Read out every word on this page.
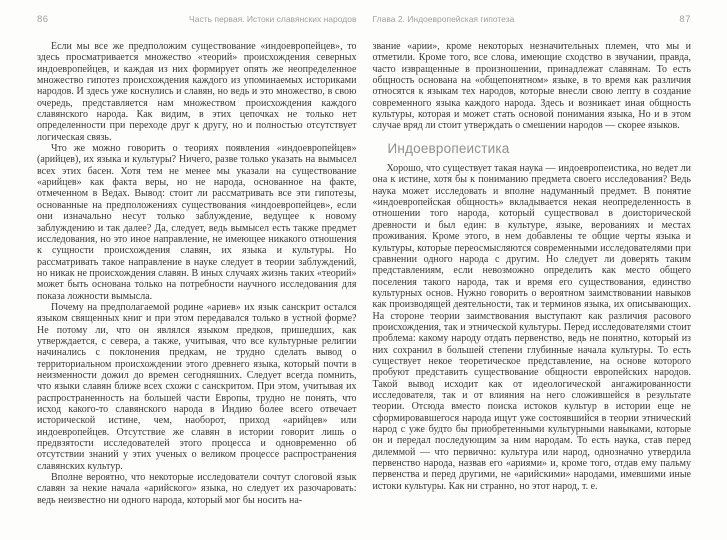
86	Часть первая. Истоки славянских народов

Если мы все же предположим существование «индоевропейцев», то здесь просматривается множество «теорий» происхождения северных индоевропейцев, и каждая из них формирует опять же неопределенное множество гипотез происхождения каждого из упоминаемых историками народов. И здесь уже коснулись и славян, но ведь и это множество, в свою очередь, представляется нам множеством происхождения каждого славянского народа. Как видим, в этих цепочках не только нет определенности при переходе друг к другу, но и полностью отсутствует логическая связь.

Что же можно говорить о теориях появления «индоевропейцев» (арийцев), их языка и культуры? Ничего, разве только указать на вымысел всех этих басен. Хотя тем не менее мы указали на существование «арийцев» как факта веры, но не народа, основанное на факте, отмеченном в Ведах. Вывод: стоит ли рассматривать все эти гипотезы, основанные на предположениях существования «индоевропейцев», если они изначально несут только заблуждение, ведущее к новому заблуждению и так далее? Да, следует, ведь вымысел есть также предмет исследования, но это иное направление, не имеющее никакого отношения к сущности происхождения славян, их языка и культуры. Но рассматривать такое направление в науке следует в теории заблуждений, но никак не происхождения славян. В иных случаях жизнь таких «теорий» может быть основана только на потребности научного исследования для показа ложности вымысла.

Почему на предполагаемой родине «ариев» их язык санскрит остался языком священных книг и при этом передавался только в устной форме? Не потому ли, что он являлся языком предков, пришедших, как утверждается, с севера, а также, учитывая, что все культурные религии начинались с поклонения предкам, не трудно сделать вывод о территориальном происхождении этого древнего языка, который почти в неизменности дожил до времен сегодняшних. Следует всегда помнить, что языки славян ближе всех схожи с санскритом. При этом, учитывая их распространенность на большей части Европы, трудно не понять, что исход какого-то славянского народа в Индию более всего отвечает исторической истине, чем, наоборот, приход «арийцев» или индоевропейцев. Отсутствие же славян в истории говорит лишь о предвзятости исследователей этого процесса и одновременно об отсутствии знаний у этих ученых о великом процессе распространения славянских культур.

Вполне вероятно, что некоторые исследователи сочтут слоговой язык славян за некие начала «арийского» языка, но следует их разочаровать: ведь неизвестно ни одного народа, который мог бы носить на-

Глава 2. Индоевропейская гипотеза	87

звание «арии», кроме некоторых незначительных племен, что мы и отметили. Кроме того, все слова, имеющие сходство в звучании, правда, часто извращенные в произношении, принадлежат славянам. То есть общность основана на «общепонятном» языке, в то время как различия относятся к языкам тех народов, которые внесли свою лепту в создание современного языка каждого народа. Здесь и возникает иная общность культуры, которая и может стать основой понимания языка, Но и в этом случае вряд ли стоит утверждать о смешении народов — скорее языков.

Индоевропеистика

Хорошо, что существует такая наука — индоевропеистика, но ведет ли она к истине, хотя бы к пониманию предмета своего исследования? Ведь наука может исследовать и вполне надуманный предмет. В понятие «индоевропейская общность» вкладывается некая неопределенность в отношении того народа, который существовал в доисторической древности и был един: в культуре, языке, верованиях и местах проживания. Кроме этого, в нем добавлены те общие черты языка и культуры, которые переосмысляются современными исследователями при сравнении одного народа с другим. Но следует ли доверять таким представлениям, если невозможно определить как место общего поселения такого народа, так и время его существования, единство культурных основ. Нужно говорить о вероятном заимствовании навыков как производящей деятельности, так и терминов языка, их описывающих. На стороне теории заимствования выступают как различия расового происхождения, так и этнической культуры. Перед исследователями стоит проблема: какому народу отдать первенство, ведь не понятно, который из них сохранил в большей степени глубинные начала культуры. То есть существует некое теоретическое представление, на основе которого пробуют представить существование общности европейских народов. Такой вывод исходит как от идеологической ангажированности исследователя, так и от влияния на него сложившейся в результате теории. Отсюда вместо поиска истоков культур в истории еще не сформировавшегося народа ищут уже состоявшийся в теории этнический народ с уже будто бы приобретенными культурными навыками, которые он и передал последующим за ним народам. То есть наука, став перед дилеммой — что первично: культура или народ, однозначно утвердила первенство народа, назвав его «ариями» и, кроме того, отдав ему пальму первенства и перед другими, не «арийскими» народами, имевшими иные истоки культуры. Как ни странно, но этот народ, т. е.
